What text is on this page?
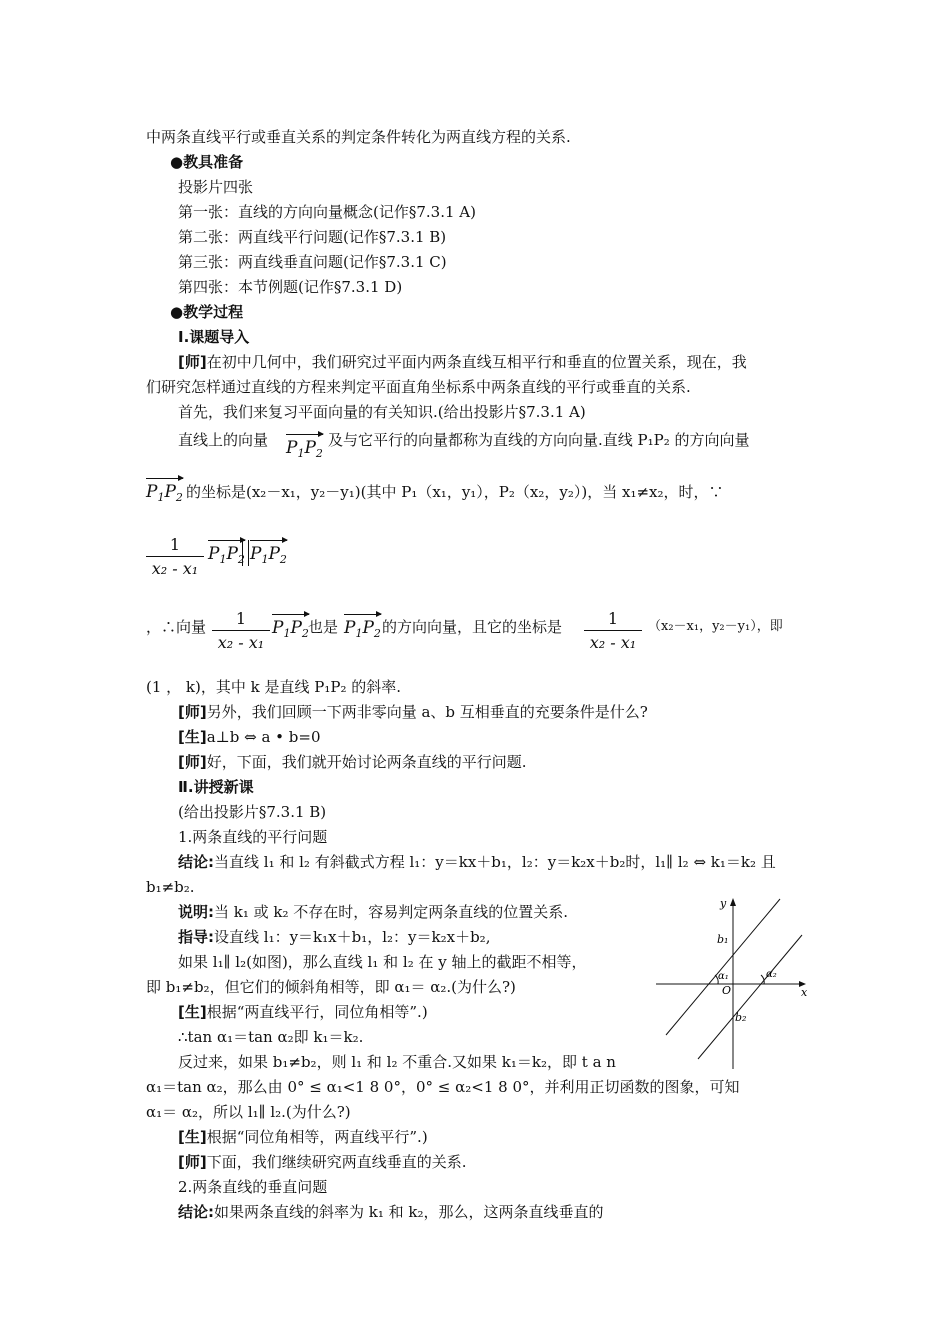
中两条直线平行或垂直关系的判定条件转化为两直线方程的关系.
●教具准备
投影片四张
第一张：直线的方向向量概念(记作§7.3.1 A)
第二张：两直线平行问题(记作§7.3.1 B)
第三张：两直线垂直问题(记作§7.3.1 C)
第四张：本节例题(记作§7.3.1 D)
●教学过程
Ⅰ.课题导入
[师]在初中几何中，我们研究过平面内两条直线互相平行和垂直的位置关系，现在，我
们研究怎样通过直线的方程来判定平面直角坐标系中两条直线的平行或垂直的关系.
首先，我们来复习平面向量的有关知识.(给出投影片§7.3.1 A)
直线上的向量 $P_1P_2$
及与它平行的向量都称为直线的方向向量.直线 P₁P₂ 的方向向量
$P_1P_2$ 的坐标是(x₂－x₁，y₂－y₁)(其中 P₁（x₁，y₁），P₂（x₂，y₂）)，当 x₁≠x₂，时，∵
1
x₂ - x₁
$P_1P_2$ $P_1P_2$
，∴向量	1
x₂ - x₁
$P_1P_2$ 也是 $P_1P_2$ 的方向向量，且它的坐标是	1
x₂ - x₁
（x₂－x₁，y₂－y₁），即
(1 ， k)，其中 k 是直线 P₁P₂ 的斜率.
[师]另外，我们回顾一下两非零向量 a、b 互相垂直的充要条件是什么?
[生]a⊥b ⇔ a • b=0
[师]好，下面，我们就开始讨论两条直线的平行问题.
Ⅱ.讲授新课
(给出投影片§7.3.1 B)
1.两条直线的平行问题
结论:当直线 l₁ 和 l₂ 有斜截式方程 l₁：y＝kx＋b₁，l₂：y＝k₂x＋b₂时，l₁∥ l₂ ⇔ k₁＝k₂ 且
b₁≠b₂.
说明:当 k₁ 或 k₂ 不存在时，容易判定两条直线的位置关系.
指导:设直线 l₁：y＝k₁x＋b₁，l₂：y＝k₂x＋b₂,
如果 l₁∥ l₂(如图)，那么直线 l₁ 和 l₂ 在 y 轴上的截距不相等，
即 b₁≠b₂，但它们的倾斜角相等，即 α₁＝ α₂.(为什么?)
[生]根据“两直线平行，同位角相等”.)
∴tan α₁＝tan α₂即 k₁＝k₂.
反过来，如果 b₁≠b₂，则 l₁ 和 l₂ 不重合.又如果 k₁＝k₂，即 t a n
α₁＝tan α₂，那么由 0° ≤ α₁<1 8 0°，0° ≤ α₂<1 8 0°，并利用正切函数的图象，可知
α₁＝ α₂，所以 l₁∥ l₂.(为什么?)
[生]根据“同位角相等，两直线平行”.)
[师]下面，我们继续研究两直线垂直的关系.
2.两条直线的垂直问题
结论:如果两条直线的斜率为 k₁ 和 k₂，那么，这两条直线垂直的
y
x
O
b₁
b₂
α₁	α₂
